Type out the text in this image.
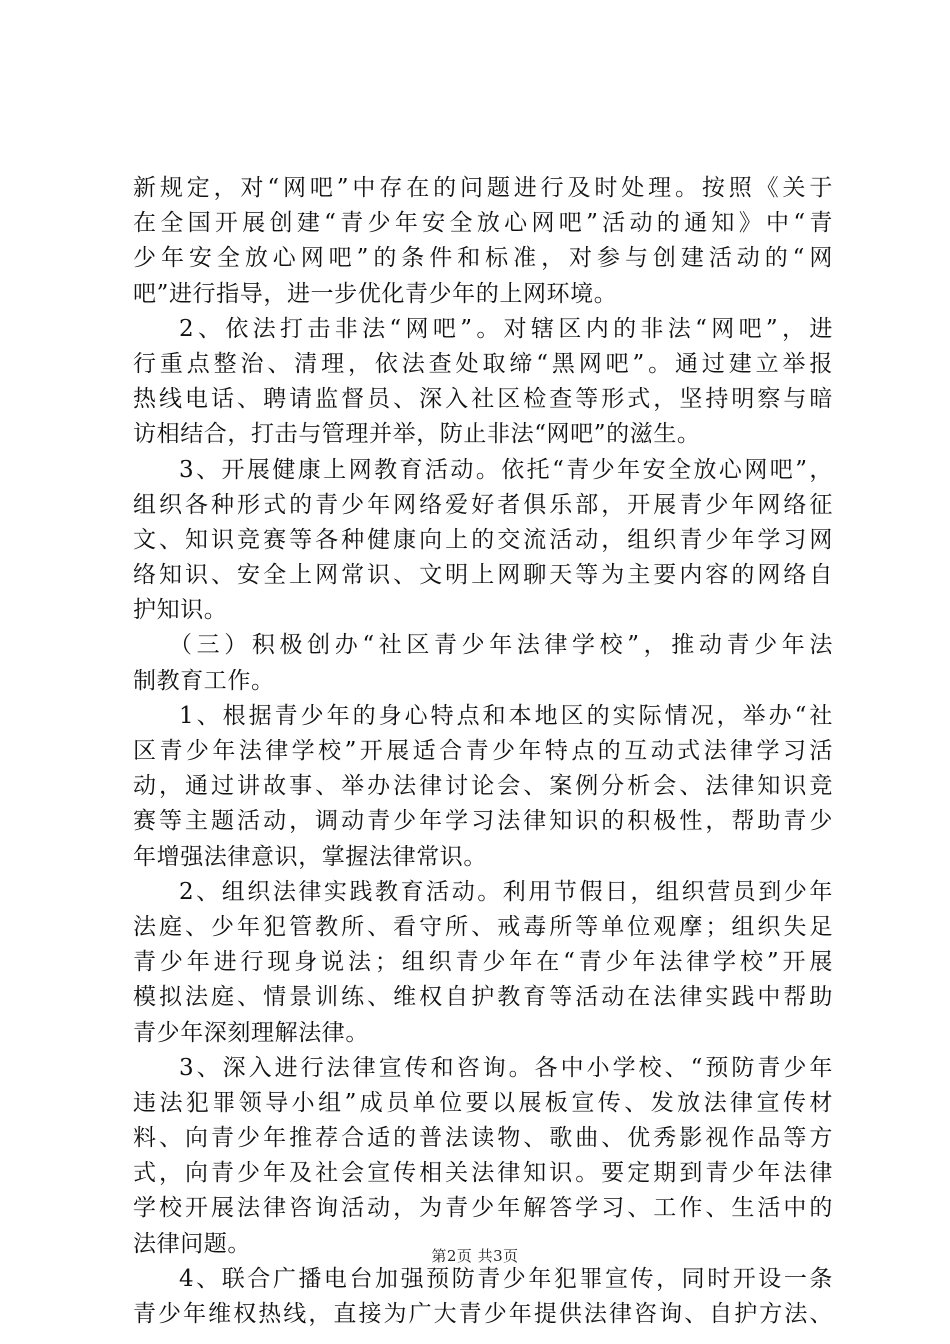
新规定，对“网吧”中存在的问题进行及时处理。按照《关于
在全国开展创建“青少年安全放心网吧”活动的通知》中“青
少年安全放心网吧”的条件和标准，对参与创建活动的“网
吧”进行指导，进一步优化青少年的上网环境。
2、依法打击非法“网吧”。对辖区内的非法“网吧”，进
行重点整治、清理，依法查处取缔“黑网吧”。通过建立举报
热线电话、聘请监督员、深入社区检查等形式，坚持明察与暗
访相结合，打击与管理并举，防止非法“网吧”的滋生。
3、开展健康上网教育活动。依托“青少年安全放心网吧”，
组织各种形式的青少年网络爱好者俱乐部，开展青少年网络征
文、知识竞赛等各种健康向上的交流活动，组织青少年学习网
络知识、安全上网常识、文明上网聊天等为主要内容的网络自
护知识。
（三）积极创办“社区青少年法律学校”，推动青少年法
制教育工作。
1、根据青少年的身心特点和本地区的实际情况，举办“社
区青少年法律学校”开展适合青少年特点的互动式法律学习活
动，通过讲故事、举办法律讨论会、案例分析会、法律知识竞
赛等主题活动，调动青少年学习法律知识的积极性，帮助青少
年增强法律意识，掌握法律常识。
2、组织法律实践教育活动。利用节假日，组织营员到少年
法庭、少年犯管教所、看守所、戒毒所等单位观摩；组织失足
青少年进行现身说法；组织青少年在“青少年法律学校”开展
模拟法庭、情景训练、维权自护教育等活动在法律实践中帮助
青少年深刻理解法律。
3、深入进行法律宣传和咨询。各中小学校、“预防青少年
违法犯罪领导小组”成员单位要以展板宣传、发放法律宣传材
料、向青少年推荐合适的普法读物、歌曲、优秀影视作品等方
式，向青少年及社会宣传相关法律知识。要定期到青少年法律
学校开展法律咨询活动，为青少年解答学习、工作、生活中的
法律问题。
4、联合广播电台加强预防青少年犯罪宣传，同时开设一条
青少年维权热线，直接为广大青少年提供法律咨询、自护方法、
第2页 共3页
